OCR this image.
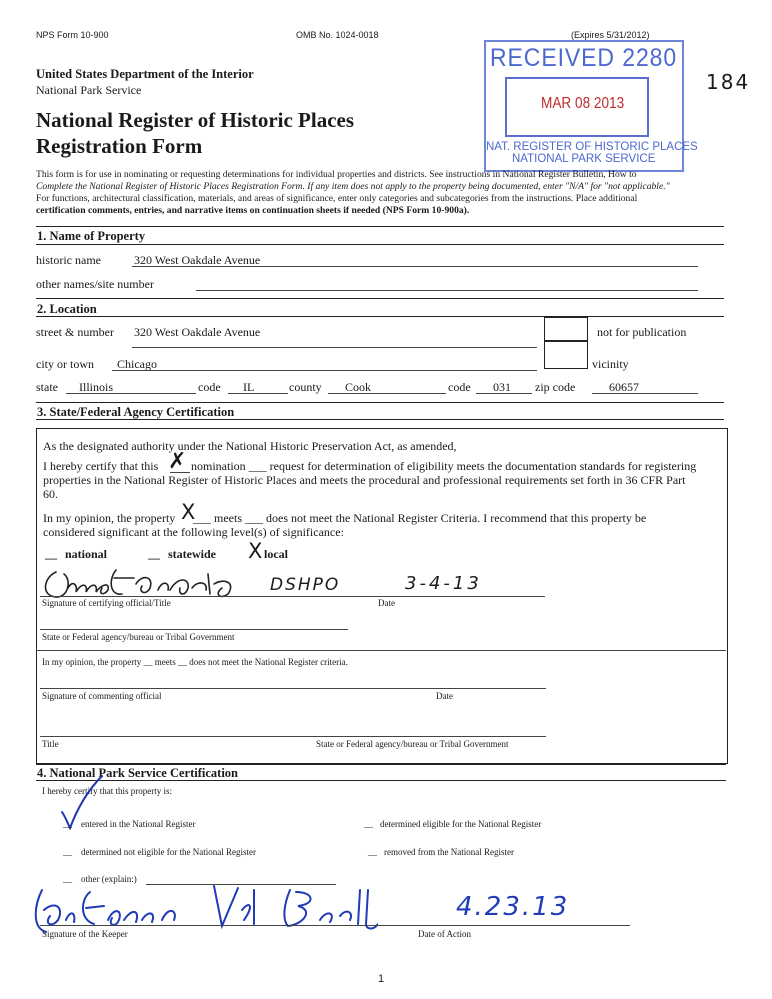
NPS Form 10-900	OMB No. 1024-0018	(Expires 5/31/2012)
United States Department of the Interior
National Park Service
National Register of Historic Places
Registration Form
184
RECEIVED 2280
MAR 08 2013
NAT. REGISTER OF HISTORIC PLACES
NATIONAL PARK SERVICE
This form is for use in nominating or requesting determinations for individual properties and districts. See instructions in National Register Bulletin, How to
Complete the National Register of Historic Places Registration Form. If any item does not apply to the property being documented, enter "N/A" for "not applicable."
For functions, architectural classification, materials, and areas of significance, enter only categories and subcategories from the instructions. Place additional
certification comments, entries, and narrative items on continuation sheets if needed (NPS Form 10-900a).
1. Name of Property
historic name	320 West Oakdale Avenue
other names/site number
2. Location
street & number 320 West Oakdale Avenue	not for publication
city or town Chicago	vicinity
state Illinois	code IL	county Cook	code 031 zip code	60657
3. State/Federal Agency Certification
As the designated authority under the National Historic Preservation Act, as amended,
I hereby certify that this ✗ nomination ___ request for determination of eligibility meets the documentation standards for registering
properties in the National Register of Historic Places and meets the procedural and professional requirements set forth in 36 CFR Part
60.
In my opinion, the property X
___ meets ___ does not meet the National Register Criteria. I recommend that this property be
considered significant at the following level(s) of significance:
__ national	__ statewide X local
DSHPO	3-4-13
Signature of certifying official/Title	Date
State or Federal agency/bureau or Tribal Government
In my opinion, the property __ meets __ does not meet the National Register criteria.
Signature of commenting official	Date
Title	State or Federal agency/bureau or Tribal Government
4. National Park Service Certification
I hereby certify that this property is:
__ entered in the National Register	__ determined eligible for the National Register
__ determined not eligible for the National Register	__ removed from the National Register
__ other (explain:)
4.23.13
Signature of the Keeper	Date of Action
1
